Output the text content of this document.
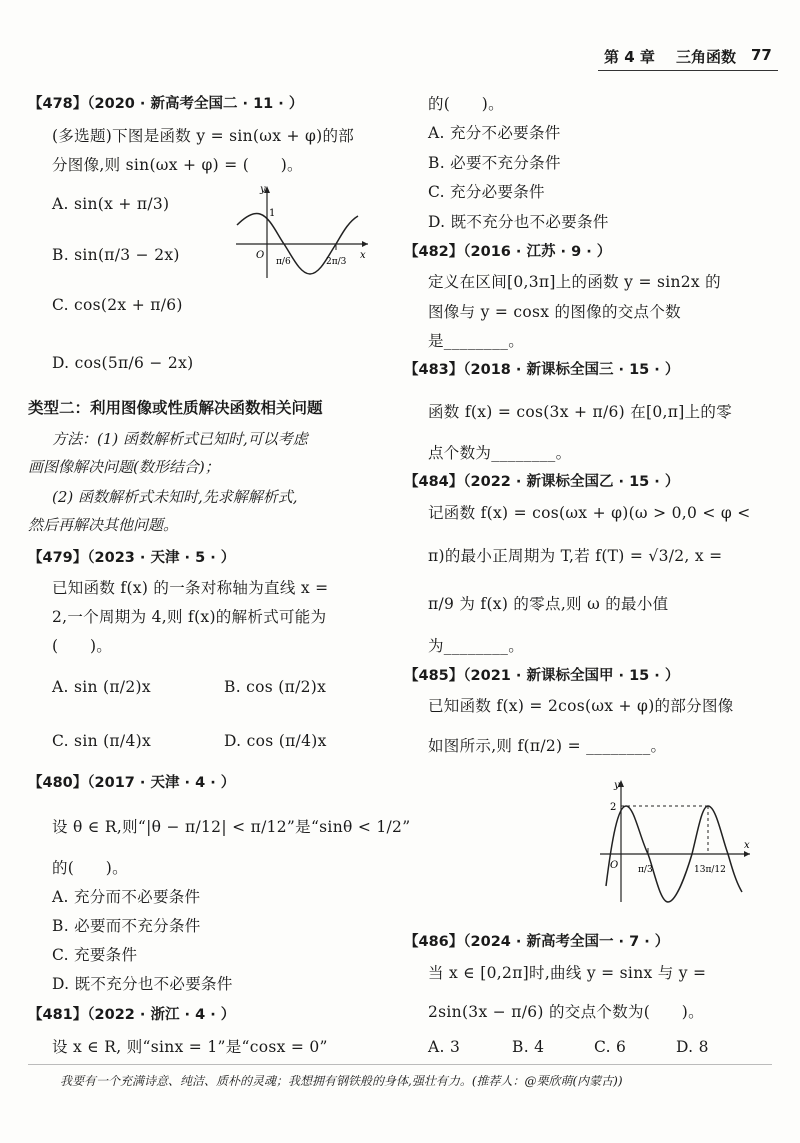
第 4 章 三角函数 77
【478】（2020 · 新高考全国二 · 11 · ）
(多选题)下图是函数 y = sin(ωx + φ)的部
分图像,则 sin(ωx + φ) = (　　)。
A. sin(x + π/3)
B. sin(π/3 − 2x)
C. cos(2x + π/6)
D. cos(5π/6 − 2x)
y
x
O
1
π/6	2π/3
类型二：利用图像或性质解决函数相关问题
方法：(1) 函数解析式已知时,可以考虑
画图像解决问题(数形结合)；
(2) 函数解析式未知时,先求解解析式,
然后再解决其他问题。
【479】（2023 · 天津 · 5 · ）
已知函数 f(x) 的一条对称轴为直线 x =
2,一个周期为 4,则 f(x)的解析式可能为
(　　)。
A. sin (π/2)x	B. cos (π/2)x
C. sin (π/4)x	D. cos (π/4)x
【480】（2017 · 天津 · 4 · ）
设 θ ∈ R,则“|θ − π/12| < π/12”是“sinθ < 1/2”
的(　　)。
A. 充分而不必要条件
B. 必要而不充分条件
C. 充要条件
D. 既不充分也不必要条件
【481】（2022 · 浙江 · 4 · ）
设 x ∈ R, 则“sinx = 1”是“cosx = 0”
的(　　)。
A. 充分不必要条件
B. 必要不充分条件
C. 充分必要条件
D. 既不充分也不必要条件
【482】（2016 · 江苏 · 9 · ）
定义在区间[0,3π]上的函数 y = sin2x 的
图像与 y = cosx 的图像的交点个数
是________。
【483】（2018 · 新课标全国三 · 15 · ）
函数 f(x) = cos(3x + π/6) 在[0,π]上的零
点个数为________。
【484】（2022 · 新课标全国乙 · 15 · ）
记函数 f(x) = cos(ωx + φ)(ω > 0,0 < φ <
π)的最小正周期为 T,若 f(T) = √3/2, x =
π/9 为 f(x) 的零点,则 ω 的最小值
为________。
【485】（2021 · 新课标全国甲 · 15 · ）
已知函数 f(x) = 2cos(ωx + φ)的部分图像
如图所示,则 f(π/2) = ________。
y
x
O
2
π/3	13π/12
【486】（2024 · 新高考全国一 · 7 · ）
当 x ∈ [0,2π]时,曲线 y = sinx 与 y =
2sin(3x − π/6) 的交点个数为(　　)。
A. 3	B. 4	C. 6	D. 8
我要有一个充满诗意、纯洁、质朴的灵魂；我想拥有钢铁般的身体,强壮有力。(推荐人：@栗欣萌(内蒙古))
